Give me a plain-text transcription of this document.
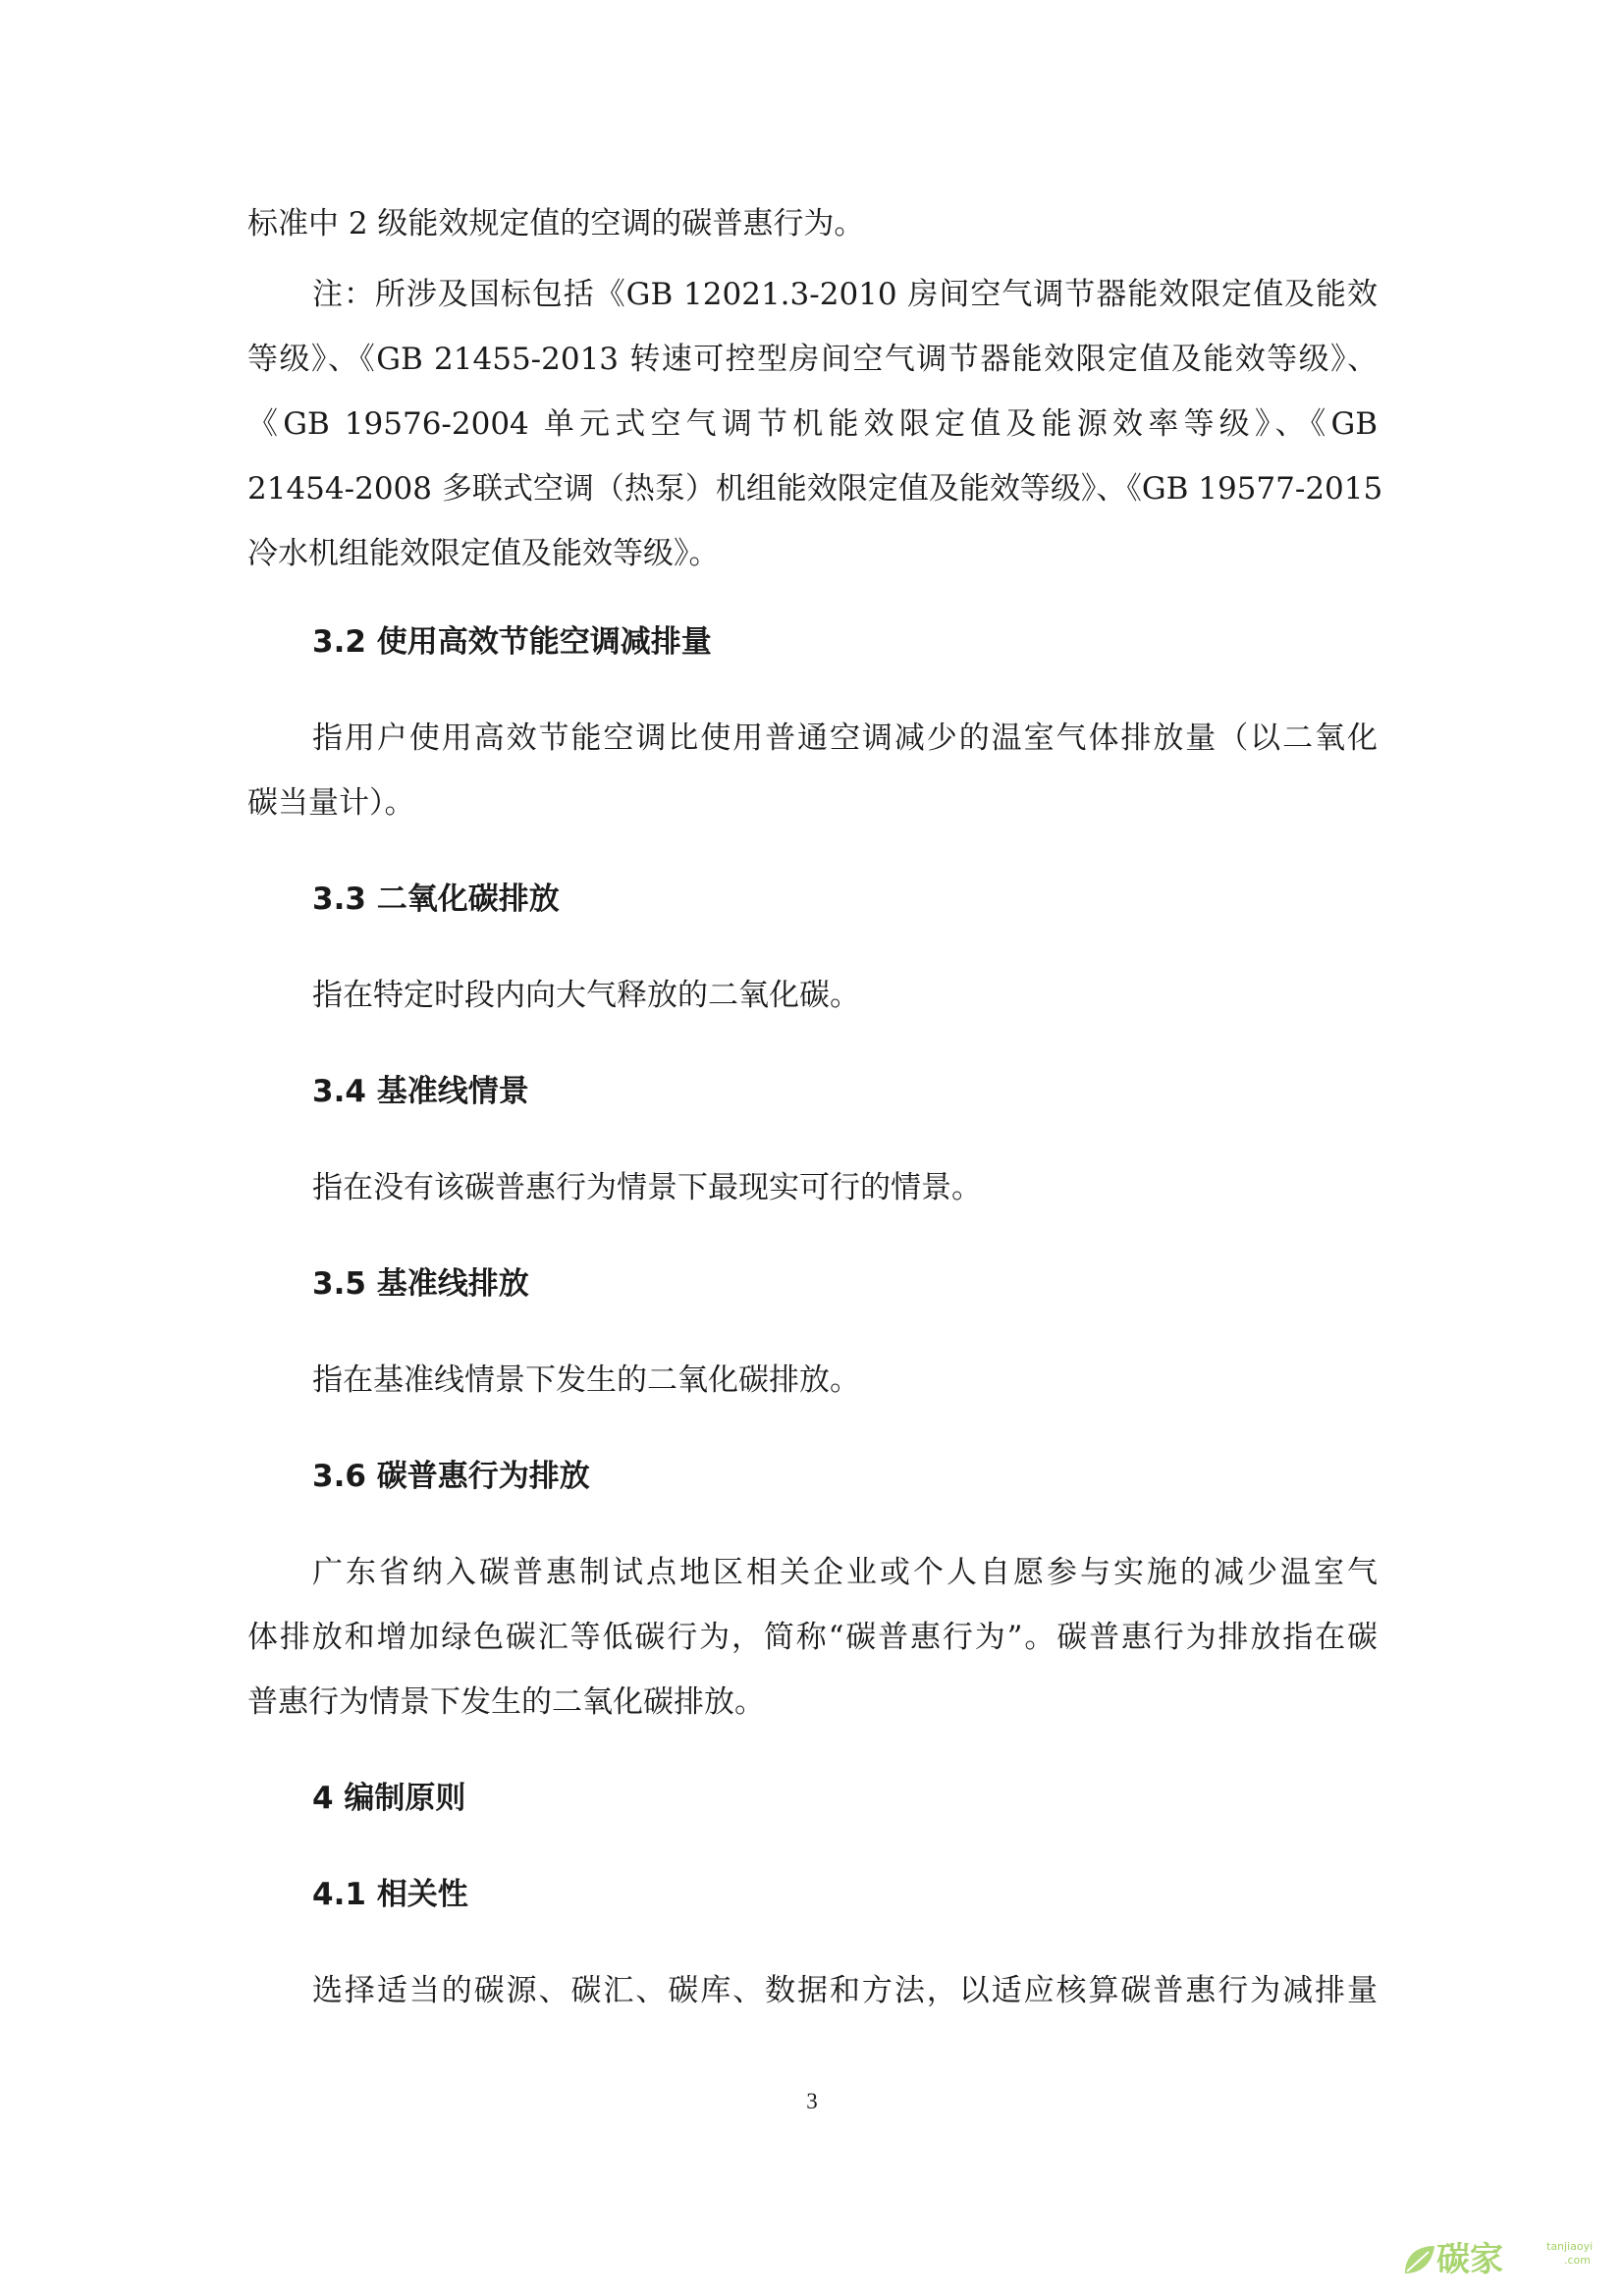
标准中 2 级能效规定值的空调的碳普惠行为。

注：所涉及国标包括《GB 12021.3-2010 房间空气调节器能效限定值及能效

等级》、《GB 21455-2013 转速可控型房间空气调节器能效限定值及能效等级》、

《GB 19576-2004 单元式空气调节机能效限定值及能源效率等级》、《GB

21454-2008 多联式空调（热泵）机组能效限定值及能效等级》、《GB 19577-2015

冷水机组能效限定值及能效等级》。

3.2 使用高效节能空调减排量

指用户使用高效节能空调比使用普通空调减少的温室气体排放量（以二氧化

碳当量计）。

3.3 二氧化碳排放

指在特定时段内向大气释放的二氧化碳。

3.4 基准线情景

指在没有该碳普惠行为情景下最现实可行的情景。

3.5 基准线排放

指在基准线情景下发生的二氧化碳排放。

3.6 碳普惠行为排放

广东省纳入碳普惠制试点地区相关企业或个人自愿参与实施的减少温室气

体排放和增加绿色碳汇等低碳行为，简称“碳普惠行为”。碳普惠行为排放指在碳

普惠行为情景下发生的二氧化碳排放。

4 编制原则

4.1 相关性

选择适当的碳源、碳汇、碳库、数据和方法，以适应核算碳普惠行为减排量

3
碳家	tanjiaoyi
.com
